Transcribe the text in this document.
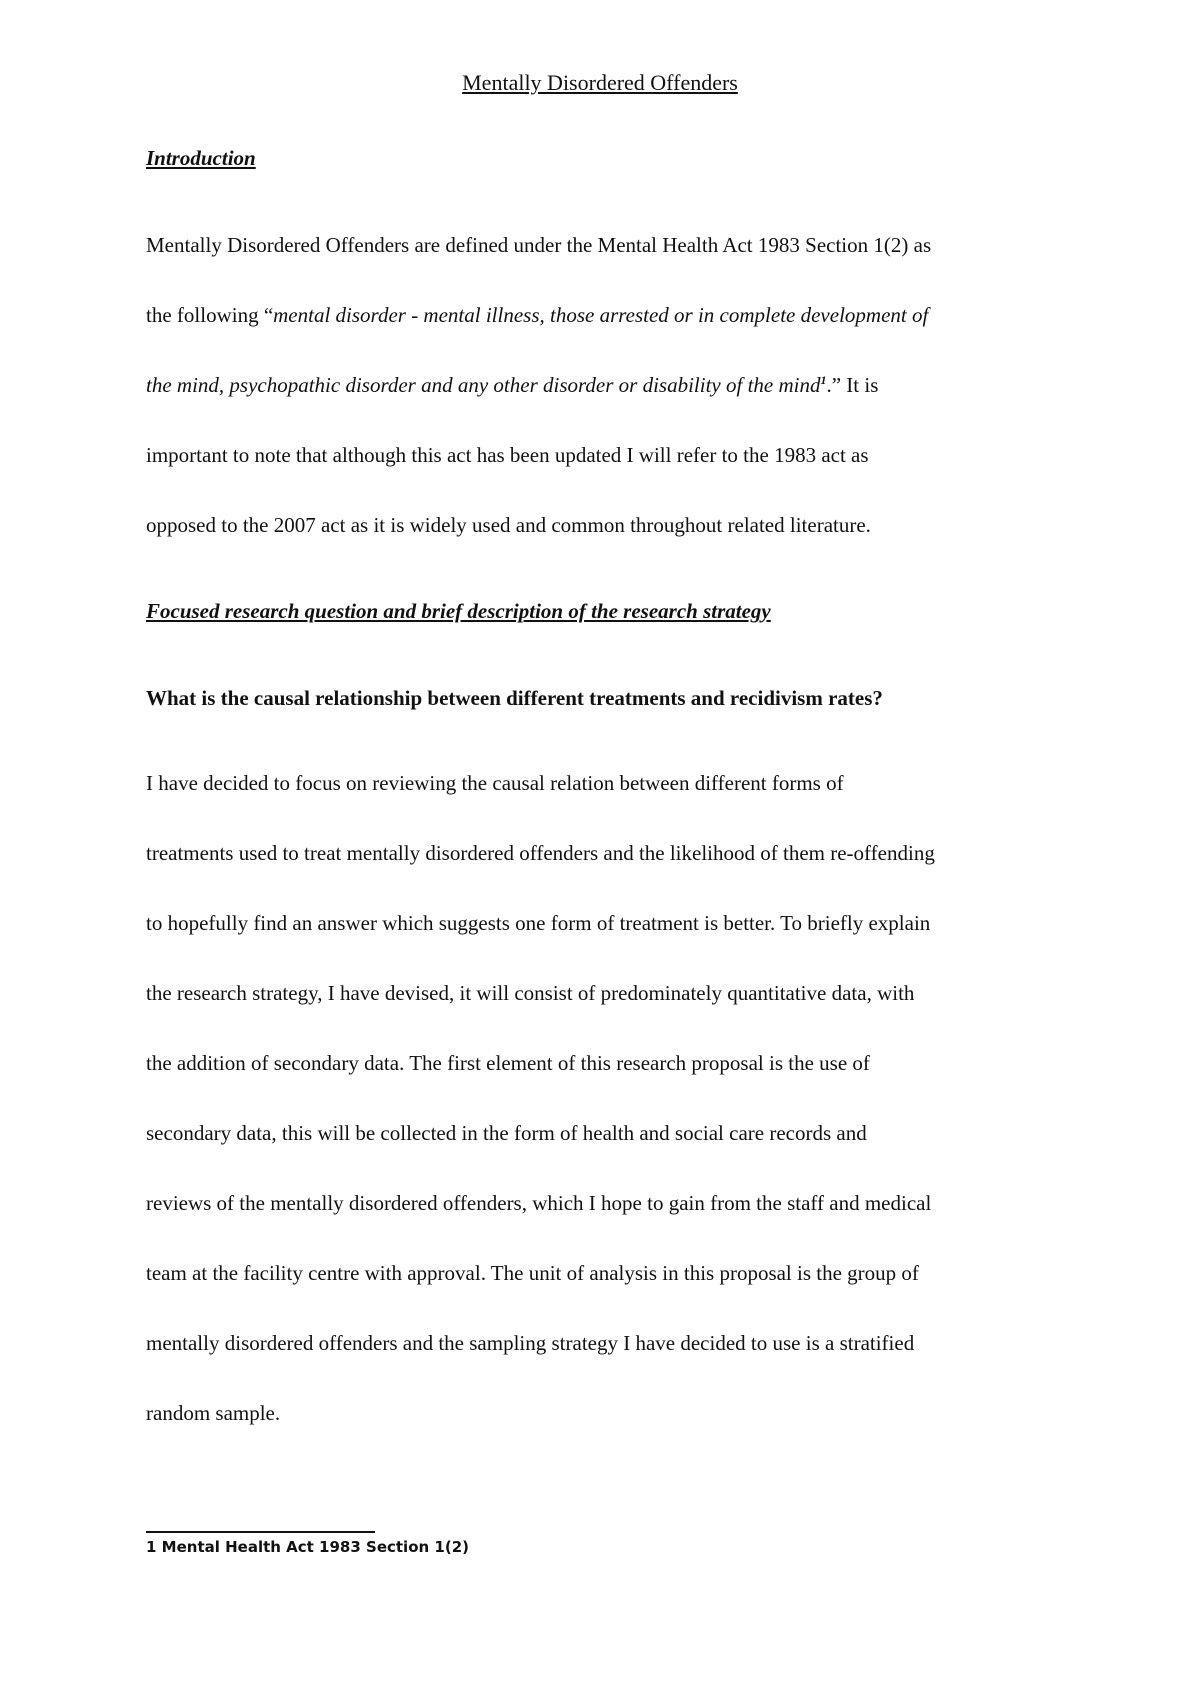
Mentally Disordered Offenders
Introduction
Mentally Disordered Offenders are defined under the Mental Health Act 1983 Section 1(2) as
the following “mental disorder - mental illness, those arrested or in complete development of
the mind, psychopathic disorder and any other disorder or disability of the mind$^1$.” It is
important to note that although this act has been updated I will refer to the 1983 act as
opposed to the 2007 act as it is widely used and common throughout related literature.
Focused research question and brief description of the research strategy
What is the causal relationship between different treatments and recidivism rates?
I have decided to focus on reviewing the causal relation between different forms of
treatments used to treat mentally disordered offenders and the likelihood of them re-offending
to hopefully find an answer which suggests one form of treatment is better. To briefly explain
the research strategy, I have devised, it will consist of predominately quantitative data, with
the addition of secondary data. The first element of this research proposal is the use of
secondary data, this will be collected in the form of health and social care records and
reviews of the mentally disordered offenders, which I hope to gain from the staff and medical
team at the facility centre with approval. The unit of analysis in this proposal is the group of
mentally disordered offenders and the sampling strategy I have decided to use is a stratified
random sample.
1 Mental Health Act 1983 Section 1(2)
